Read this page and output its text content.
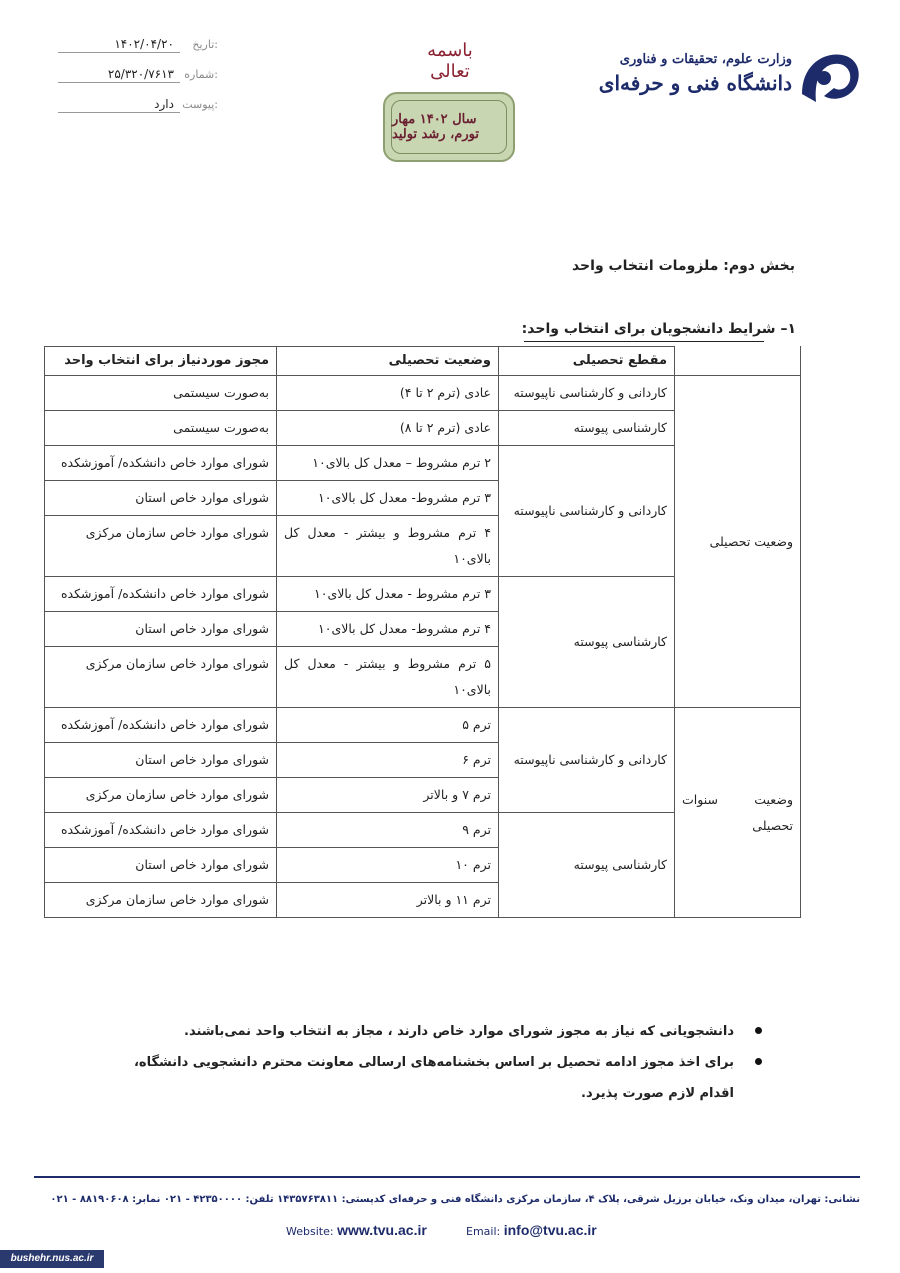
۱۴۰۲/۰۴/۲۰ تاریخ:
۲۵/۳۲۰/۷۶۱۳ شماره:
دارد پیوست:
باسمه تعالی
سال ۱۴۰۲ مهار تورم، رشد تولید
وزارت علوم، تحقیقات و فناوری
دانشگاه فنی و حرفه‌ای
بخش دوم: ملزومات انتخاب واحد
۱– شرایط دانشجویان برای انتخاب واحد:
	مقطع تحصیلی	وضعیت تحصیلی	مجوز موردنیاز برای انتخاب واحد
وضعیت تحصیلی	کاردانی و کارشناسی ناپیوسته	عادی (ترم ۲ تا ۴)	به‌صورت سیستمی
	کارشناسی پیوسته	عادی (ترم ۲ تا ۸)	به‌صورت سیستمی
	کاردانی و کارشناسی ناپیوسته	۲ ترم مشروط – معدل کل بالای۱۰	شورای موارد خاص دانشکده/ آموزشکده
		۳ ترم مشروط- معدل کل بالای۱۰	شورای موارد خاص استان
		۴ ترم مشروط و بیشتر - معدل کل بالای۱۰	شورای موارد خاص سازمان مرکزی
	کارشناسی پیوسته	۳ ترم مشروط - معدل کل بالای۱۰	شورای موارد خاص دانشکده/ آموزشکده
		۴ ترم مشروط- معدل کل بالای۱۰	شورای موارد خاص استان
		۵ ترم مشروط و بیشتر - معدل کل بالای۱۰	شورای موارد خاص سازمان مرکزی
وضعیت سنوات تحصیلی	کاردانی و کارشناسی ناپیوسته	ترم ۵	شورای موارد خاص دانشکده/ آموزشکده
		ترم ۶	شورای موارد خاص استان
		ترم ۷ و بالاتر	شورای موارد خاص سازمان مرکزی
	کارشناسی پیوسته	ترم ۹	شورای موارد خاص دانشکده/ آموزشکده
		ترم ۱۰	شورای موارد خاص استان
		ترم ۱۱ و بالاتر	شورای موارد خاص سازمان مرکزی
دانشجویانی که نیاز به مجوز شورای موارد خاص دارند ، مجاز به انتخاب واحد نمی‌باشند.
برای اخذ مجوز ادامه تحصیل بر اساس بخشنامه‌های ارسالی معاونت محترم دانشجویی دانشگاه، اقدام لازم صورت پذیرد.
نشانی: تهران، میدان ونک، خیابان برزیل شرقی، پلاک ۴، سازمان مرکزی دانشگاه فنی و حرفه‌ای کدپستی: ۱۴۳۵۷۶۳۸۱۱ تلفن: ۴۲۳۵۰۰۰۰ - ۰۲۱ نمابر: ۸۸۱۹۰۶۰۸ - ۰۲۱
Website: www.tvu.ac.ir	Email: info@tvu.ac.ir
bushehr.nus.ac.ir
